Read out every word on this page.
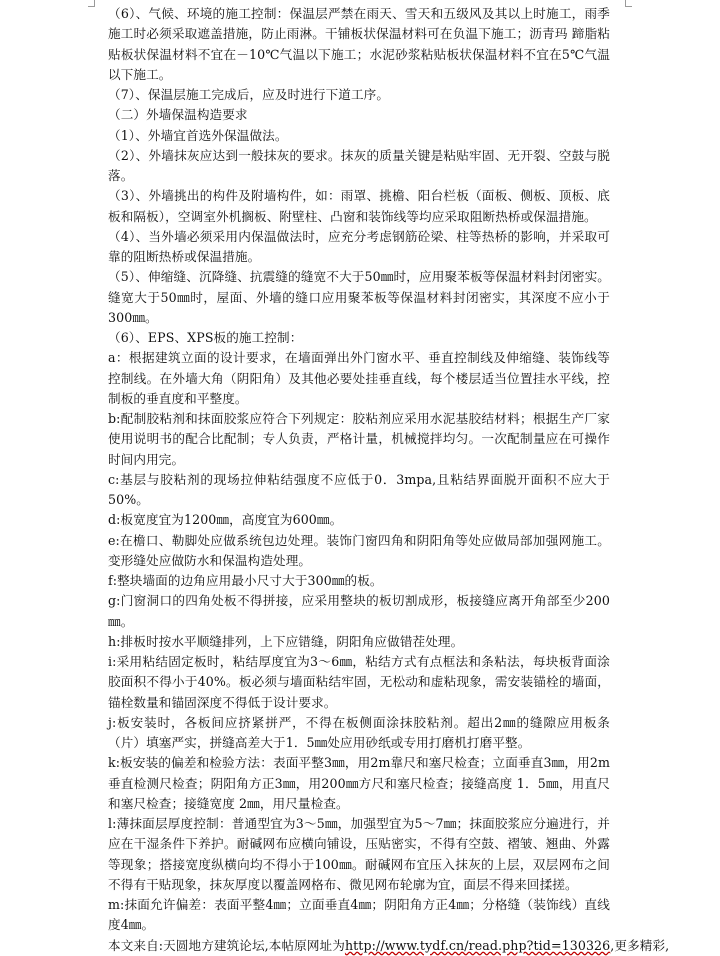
（6）、气候、环境的施工控制：保温层严禁在雨天、雪天和五级风及其以上时施工，雨季施工时必须采取遮盖措施，防止雨淋。干铺板状保温材料可在负温下施工；沥青玛 蹄脂粘贴板状保温材料不宜在－10℃气温以下施工；水泥砂浆粘贴板状保温材料不宜在5℃气温以下施工。

（7）、保温层施工完成后，应及时进行下道工序。

（二）外墙保温构造要求

（1）、外墙宜首选外保温做法。

（2）、外墙抹灰应达到一般抹灰的要求。抹灰的质量关键是粘贴牢固、无开裂、空鼓与脱落。

（3）、外墙挑出的构件及附墙构件，如：雨罩、挑檐、阳台栏板（面板、侧板、顶板、底板和隔板），空调室外机搁板、附壁柱、凸窗和装饰线等均应采取阻断热桥或保温措施。

（4）、当外墙必须采用内保温做法时，应充分考虑钢筋砼梁、柱等热桥的影响，并采取可靠的阻断热桥或保温措施。

（5）、伸缩缝、沉降缝、抗震缝的缝宽不大于50㎜时，应用聚苯板等保温材料封闭密实。缝宽大于50㎜时，屋面、外墙的缝口应用聚苯板等保温材料封闭密实，其深度不应小于300㎜。

（6）、EPS、XPS板的施工控制：

a：根据建筑立面的设计要求，在墙面弹出外门窗水平、垂直控制线及伸缩缝、装饰线等控制线。在外墙大角（阴阳角）及其他必要处挂垂直线，每个楼层适当位置挂水平线，控制板的垂直度和平整度。

b:配制胶粘剂和抹面胶浆应符合下列规定：胶粘剂应采用水泥基胶结材料；根据生产厂家使用说明书的配合比配制；专人负责，严格计量，机械搅拌均匀。一次配制量应在可操作时间内用完。

c:基层与胶粘剂的现场拉伸粘结强度不应低于0．3mpa,且粘结界面脱开面积不应大于50%。

d:板宽度宜为1200㎜，高度宜为600㎜。

e:在檐口、勒脚处应做系统包边处理。装饰门窗四角和阴阳角等处应做局部加强网施工。变形缝处应做防水和保温构造处理。

f:整块墙面的边角应用最小尺寸大于300㎜的板。

g:门窗洞口的四角处板不得拼接，应采用整块的板切割成形，板接缝应离开角部至少200㎜。

h:排板时按水平顺缝排列，上下应错缝，阴阳角应做错茬处理。

i:采用粘结固定板时，粘结厚度宜为3～6㎜，粘结方式有点框法和条粘法，每块板背面涂胶面积不得小于40%。板必须与墙面粘结牢固，无松动和虚粘现象，需安装锚栓的墙面，锚栓数量和锚固深度不得低于设计要求。

j:板安装时，各板间应挤紧拼严，不得在板侧面涂抹胶粘剂。超出2㎜的缝隙应用板条（片）填塞严实，拼缝高差大于1．5㎜处应用砂纸或专用打磨机打磨平整。

k:板安装的偏差和检验方法：表面平整3㎜，用2m靠尺和塞尺检查；立面垂直3㎜，用2m垂直检测尺检查；阴阳角方正3㎜，用200㎜方尺和塞尺检查；接缝高度 1．5㎜，用直尺和塞尺检查；接缝宽度 2㎜，用尺量检查。

l:薄抹面层厚度控制：普通型宜为3～5㎜，加强型宜为5～7㎜；抹面胶浆应分遍进行，并应在干湿条件下养护。耐碱网布应横向铺设，压贴密实，不得有空鼓、褶皱、翘曲、外露等现象；搭接宽度纵横向均不得小于100㎜。耐碱网布宜压入抹灰的上层，双层网布之间不得有干贴现象，抹灰厚度以覆盖网格布、微见网布轮廓为宜，面层不得来回揉搓。

m:抹面允许偏差：表面平整4㎜；立面垂直4㎜；阴阳角方正4㎜；分格缝（装饰线）直线度4㎜。

本文来自:天圆地方建筑论坛,本帖原网址为http://www.tydf.cn/read.php?tid=130326,更多精彩,
